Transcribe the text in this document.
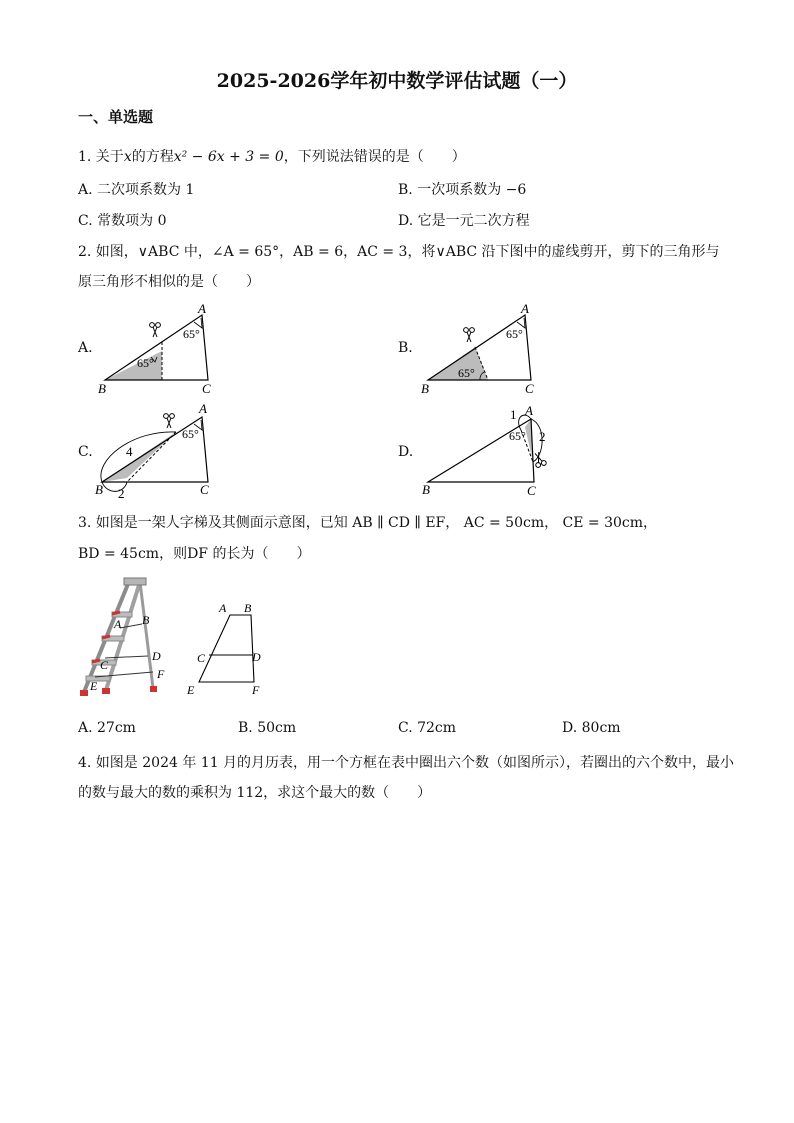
2025-2026学年初中数学评估试题（一）
一、单选题
1. 关于x的方程x² − 6x + 3 = 0，下列说法错误的是（　　）
A. 二次项系数为 1	B. 一次项系数为 −6
C. 常数项为 0	D. 它是一元二次方程
2. 如图，∨ABC 中，∠A = 65°，AB = 6，AC = 3，将∨ABC 沿下图中的虚线剪开，剪下的三角形与
原三角形不相似的是（　　）
A.	B.
C.	D.
A
65°
65°
B	C
A
65°
65°
B	C
A
65°
4
2
B	C
A
1
65° 2
B	C
3. 如图是一架人字梯及其侧面示意图，已知 AB ∥ CD ∥ EF， AC = 50cm， CE = 30cm，
BD = 45cm，则DF 的长为（　　）
A B
C
D
E
F
A B
C	D
E	F
A. 27cm	B. 50cm	C. 72cm	D. 80cm
4. 如图是 2024 年 11 月的月历表，用一个方框在表中圈出六个数（如图所示），若圈出的六个数中，最小
的数与最大的数的乘积为 112，求这个最大的数（　　）
